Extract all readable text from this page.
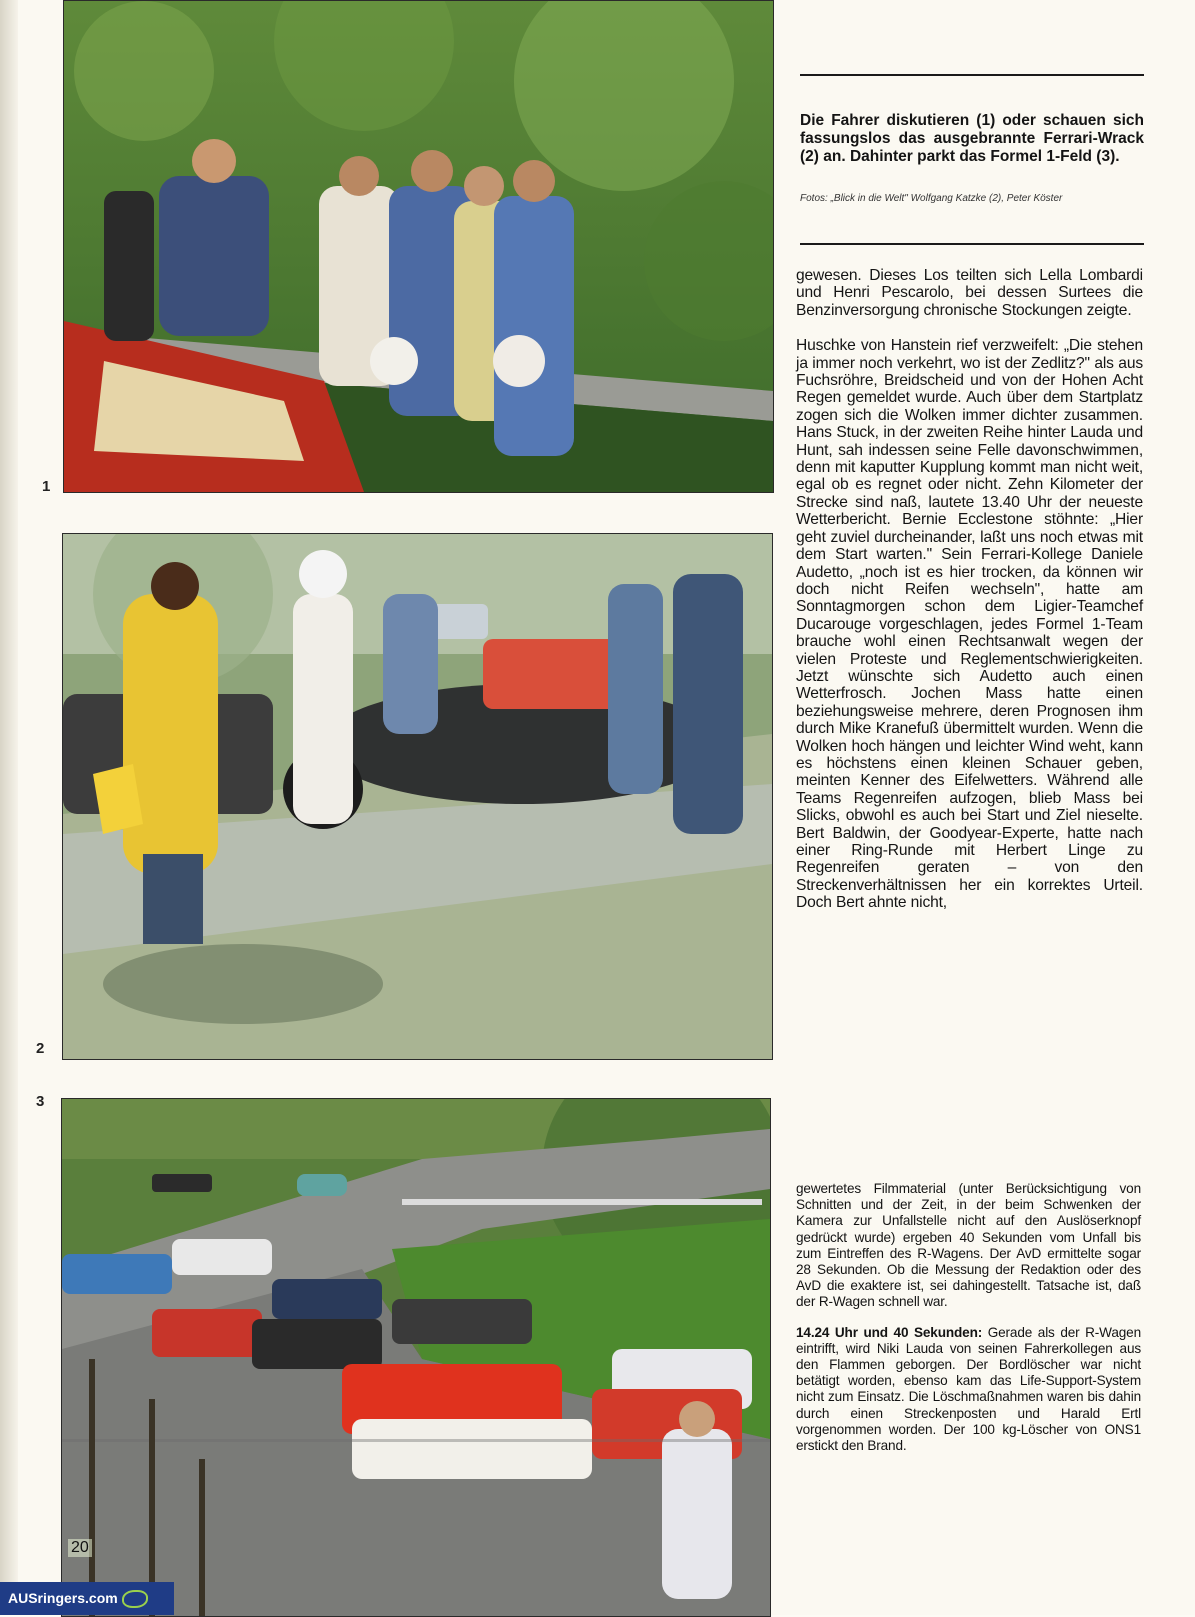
1
2
3
20
Die Fahrer diskutieren (1) oder schauen sich fassungslos das ausgebrannte Ferrari-Wrack (2) an. Dahinter parkt das Formel 1-Feld (3).
Fotos: „Blick in die Welt" Wolfgang Katzke (2), Peter Köster

gewesen. Dieses Los teilten sich Lella Lombardi und Henri Pescarolo, bei dessen Surtees die Benzinversorgung chronische Stockungen zeigte.

Huschke von Hanstein rief verzweifelt: „Die stehen ja immer noch verkehrt, wo ist der Zedlitz?" als aus Fuchsröhre, Breidscheid und von der Hohen Acht Regen gemeldet wurde. Auch über dem Startplatz zogen sich die Wolken immer dichter zusammen. Hans Stuck, in der zweiten Reihe hinter Lauda und Hunt, sah indessen seine Felle davonschwimmen, denn mit kaputter Kupplung kommt man nicht weit, egal ob es regnet oder nicht. Zehn Kilometer der Strecke sind naß, lautete 13.40 Uhr der neueste Wetterbericht. Bernie Ecclestone stöhnte: „Hier geht zuviel durcheinander, laßt uns noch etwas mit dem Start warten." Sein Ferrari-Kollege Daniele Audetto, „noch ist es hier trocken, da können wir doch nicht Reifen wechseln", hatte am Sonntagmorgen schon dem Ligier-Teamchef Ducarouge vorgeschlagen, jedes Formel 1-Team brauche wohl einen Rechtsanwalt wegen der vielen Proteste und Reglementschwierigkeiten. Jetzt wünschte sich Audetto auch einen Wetterfrosch. Jochen Mass hatte einen beziehungsweise mehrere, deren Prognosen ihm durch Mike Kranefuß übermittelt wurden. Wenn die Wolken hoch hängen und leichter Wind weht, kann es höchstens einen kleinen Schauer geben, meinten Kenner des Eifelwetters. Während alle Teams Regenreifen aufzogen, blieb Mass bei Slicks, obwohl es auch bei Start und Ziel nieselte. Bert Baldwin, der Goodyear-Experte, hatte nach einer Ring-Runde mit Herbert Linge zu Regenreifen geraten – von den Streckenverhältnissen her ein korrektes Urteil. Doch Bert ahnte nicht,

gewertetes Filmmaterial (unter Berücksichtigung von Schnitten und der Zeit, in der beim Schwenken der Kamera zur Unfallstelle nicht auf den Auslöserknopf gedrückt wurde) ergeben 40 Sekunden vom Unfall bis zum Eintreffen des R-Wagens. Der AvD ermittelte sogar 28 Sekunden. Ob die Messung der Redaktion oder des AvD die exaktere ist, sei dahingestellt. Tatsache ist, daß der R-Wagen schnell war.

14.24 Uhr und 40 Sekunden: Gerade als der R-Wagen eintrifft, wird Niki Lauda von seinen Fahrerkollegen aus den Flammen geborgen. Der Bordlöscher war nicht betätigt worden, ebenso kam das Life-Support-System nicht zum Einsatz. Die Löschmaßnahmen waren bis dahin durch einen Streckenposten und Harald Ertl vorgenommen worden. Der 100 kg-Löscher von ONS1 erstickt den Brand.

AUSringers.com
